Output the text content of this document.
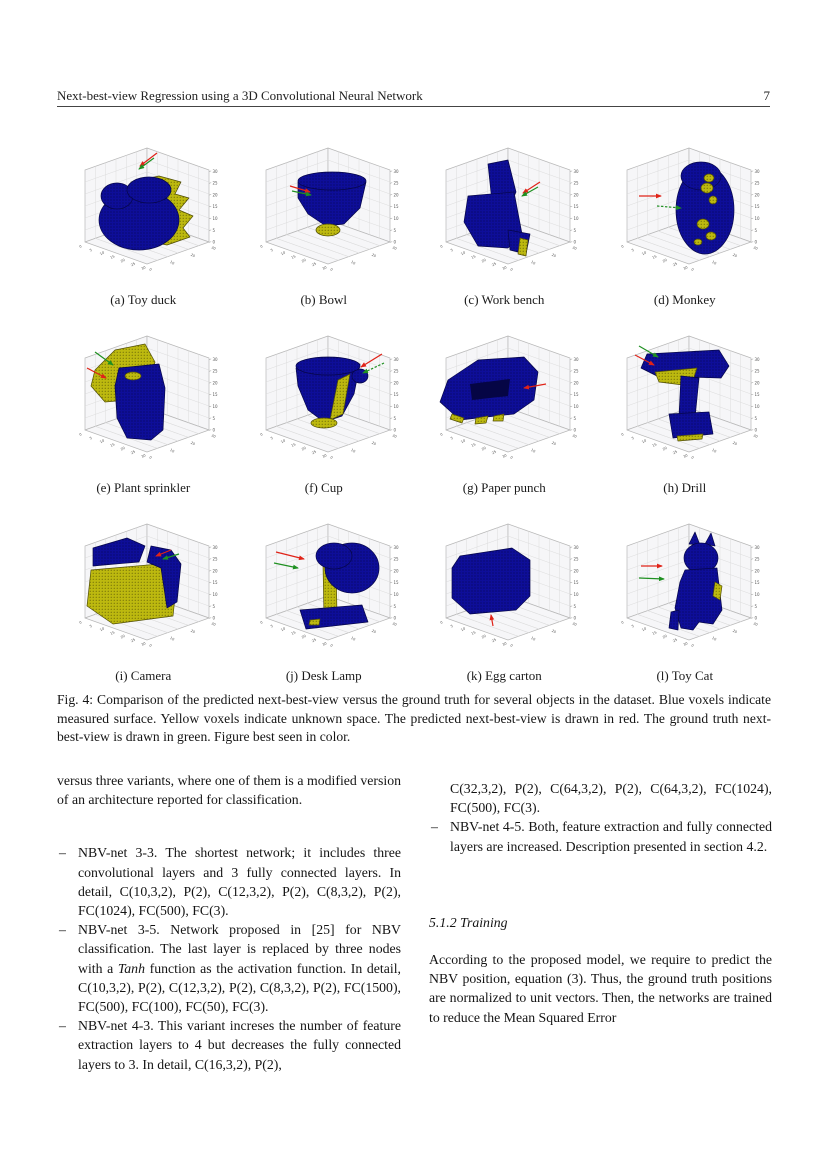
Next-best-view Regression using a 3D Convolutional Neural Network	7
30
25
20
15
10
5
0
0
5
10
15
20
25
30 0
10
20
30
(a) Toy duck
30
25
20
15
10
5
0
0
5
10
15
20
25
30 0
10
20
30
(b) Bowl
30
25
20
15
10
5
0
0
5
10
15
20
25
30 0
10
20
30
(c) Work bench
30
25
20
15
10
5
0
0
5
10
15
20
25
30 0
10
20
30
(d) Monkey
30
25
20
15
10
5
0
0
5
10
15
20
25
30 0
10
20
30
(e) Plant sprinkler
30
25
20
15
10
5
0
0
5
10
15
20
25
30 0
10
20
30
(f) Cup
30
25
20
15
10
5
0
0
5
10
15
20
25
30 0
10
20
30
(g) Paper punch
30
25
20
15
10
5
0
0
5
10
15
20
25
30 0
10
20
30
(h) Drill
30
25
20
15
10
5
0
0
5
10
15
20
25
30 0
10
20
30
(i) Camera
30
25
20
15
10
5
0
0
5
10
15
20
25
30 0
10
20
30
(j) Desk Lamp
30
25
20
15
10
5
0
0
5
10
15
20
25
30 0
10
20
30
(k) Egg carton
30
25
20
15
10
5
0
0
5
10
15
20
25
30 0
10
20
30
(l) Toy Cat

Fig. 4: Comparison of the predicted next-best-view versus the ground truth for several objects in the dataset. Blue voxels indicate measured surface. Yellow voxels indicate unknown space. The predicted next-best-view is drawn in red. The ground truth next-best-view is drawn in green. Figure best seen in color.

versus three variants, where one of them is a modified version of an architecture reported for classification.

– NBV-net 3-3. The shortest network; it includes three convolutional layers and 3 fully connected layers. In detail, C(10,3,2), P(2), C(12,3,2), P(2), C(8,3,2), P(2), FC(1024), FC(500), FC(3).
– NBV-net 3-5. Network proposed in [25] for NBV classification. The last layer is replaced by three nodes with a Tanh function as the activation function. In detail, C(10,3,2), P(2), C(12,3,2), P(2), C(8,3,2), P(2), FC(1500), FC(500), FC(100), FC(50), FC(3).
– NBV-net 4-3. This variant increses the number of feature extraction layers to 4 but decreases the fully connected layers to 3. In detail, C(16,3,2), P(2),

C(32,3,2), P(2), C(64,3,2), P(2), C(64,3,2), FC(1024), FC(500), FC(3).

– NBV-net 4-5. Both, feature extraction and fully connected layers are increased. Description presented in section 4.2.
5.1.2 Training

According to the proposed model, we require to predict the NBV position, equation (3). Thus, the ground truth positions are normalized to unit vectors. Then, the networks are trained to reduce the Mean Squared Error
